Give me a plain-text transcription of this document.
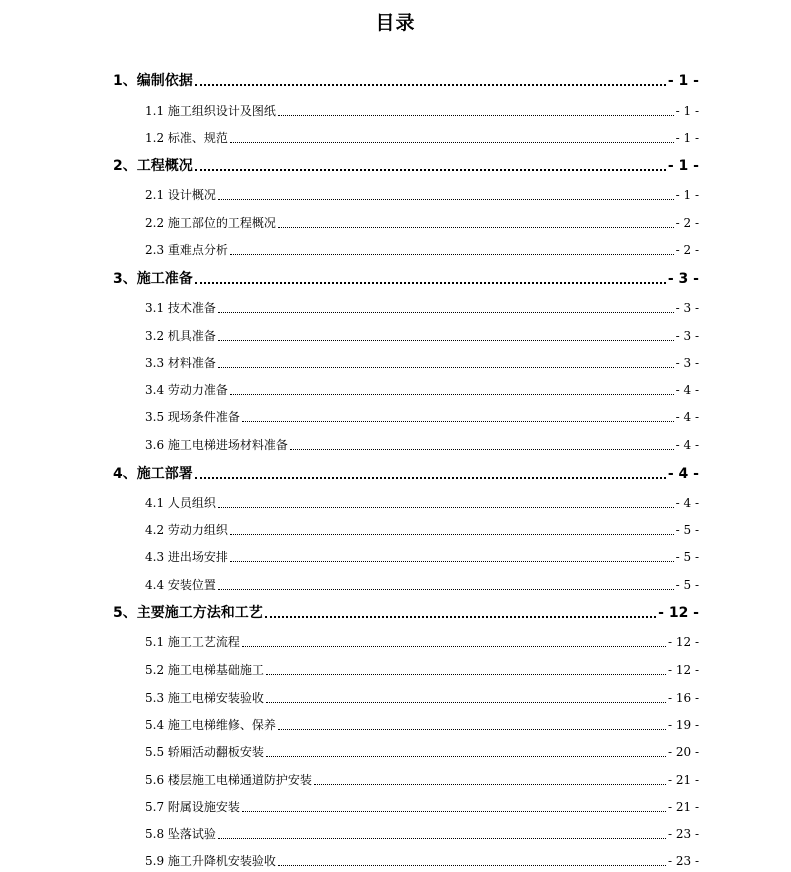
目录
1、编制依据	- 1 -
1.1 施工组织设计及图纸	- 1 -
1.2 标准、规范	- 1 -
2、工程概况	- 1 -
2.1 设计概况	- 1 -
2.2 施工部位的工程概况	- 2 -
2.3 重难点分析	- 2 -
3、施工准备	- 3 -
3.1 技术准备	- 3 -
3.2 机具准备	- 3 -
3.3 材料准备	- 3 -
3.4 劳动力准备	- 4 -
3.5 现场条件准备	- 4 -
3.6 施工电梯进场材料准备	- 4 -
4、施工部署	- 4 -
4.1 人员组织	- 4 -
4.2 劳动力组织	- 5 -
4.3 进出场安排	- 5 -
4.4 安装位置	- 5 -
5、主要施工方法和工艺	- 12 -
5.1 施工工艺流程	- 12 -
5.2 施工电梯基础施工	- 12 -
5.3 施工电梯安装验收	- 16 -
5.4 施工电梯维修、保养	- 19 -
5.5 轿厢活动翻板安装	- 20 -
5.6 楼层施工电梯通道防护安装	- 21 -
5.7 附属设施安装	- 21 -
5.8 坠落试验	- 23 -
5.9 施工升降机安装验收	- 23 -
